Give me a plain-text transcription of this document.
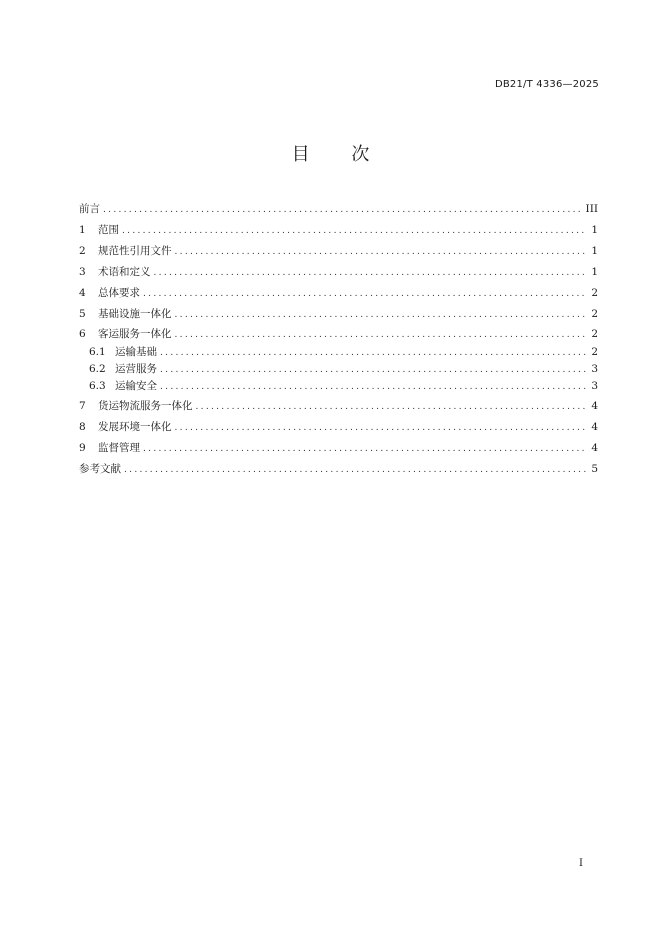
DB21/T 4336—2025
目 次
前言 .....	III
1	范围 .....	1
2	规范性引用文件 .....	1
3	术语和定义 .....	1
4	总体要求 .....	2
5	基础设施一体化 .....	2
6	客运服务一体化 .....	2
6.1 运输基础 .....	2
6.2 运营服务 .....	3
6.3 运输安全 .....	3
7	货运物流服务一体化 .....	4
8	发展环境一体化 .....	4
9	监督管理 .....	4
参考文献 .....	5
I
